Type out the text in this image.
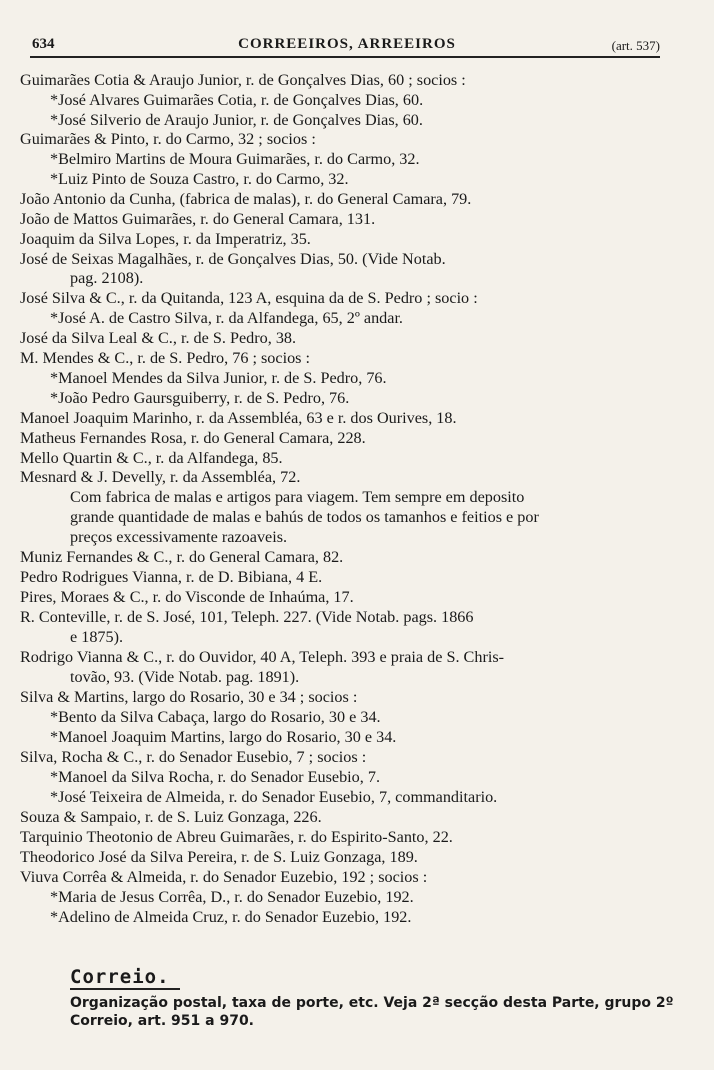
634	CORREEIROS, ARREEIROS	(art. 537)
Guimarães Cotia & Araujo Junior, r. de Gonçalves Dias, 60 ; socios :
*José Alvares Guimarães Cotia, r. de Gonçalves Dias, 60.
*José Silverio de Araujo Junior, r. de Gonçalves Dias, 60.
Guimarães & Pinto, r. do Carmo, 32 ; socios :
*Belmiro Martins de Moura Guimarães, r. do Carmo, 32.
*Luiz Pinto de Souza Castro, r. do Carmo, 32.
João Antonio da Cunha, (fabrica de malas), r. do General Camara, 79.
João de Mattos Guimarães, r. do General Camara, 131.
Joaquim da Silva Lopes, r. da Imperatriz, 35.
José de Seixas Magalhães, r. de Gonçalves Dias, 50. (Vide Notab.
pag. 2108).
José Silva & C., r. da Quitanda, 123 A, esquina da de S. Pedro ; socio :
*José A. de Castro Silva, r. da Alfandega, 65, 2º andar.
José da Silva Leal & C., r. de S. Pedro, 38.
M. Mendes & C., r. de S. Pedro, 76 ; socios :
*Manoel Mendes da Silva Junior, r. de S. Pedro, 76.
*João Pedro Gaursguiberry, r. de S. Pedro, 76.
Manoel Joaquim Marinho, r. da Assembléa, 63 e r. dos Ourives, 18.
Matheus Fernandes Rosa, r. do General Camara, 228.
Mello Quartin & C., r. da Alfandega, 85.
Mesnard & J. Develly, r. da Assembléa, 72.
Com fabrica de malas e artigos para viagem. Tem sempre em deposito
grande quantidade de malas e bahús de todos os tamanhos e feitios e por
preços excessivamente razoaveis.
Muniz Fernandes & C., r. do General Camara, 82.
Pedro Rodrigues Vianna, r. de D. Bibiana, 4 E.
Pires, Moraes & C., r. do Visconde de Inhaúma, 17.
R. Conteville, r. de S. José, 101, Teleph. 227. (Vide Notab. pags. 1866
e 1875).
Rodrigo Vianna & C., r. do Ouvidor, 40 A, Teleph. 393 e praia de S. Chris-
tovão, 93. (Vide Notab. pag. 1891).
Silva & Martins, largo do Rosario, 30 e 34 ; socios :
*Bento da Silva Cabaça, largo do Rosario, 30 e 34.
*Manoel Joaquim Martins, largo do Rosario, 30 e 34.
Silva, Rocha & C., r. do Senador Eusebio, 7 ; socios :
*Manoel da Silva Rocha, r. do Senador Eusebio, 7.
*José Teixeira de Almeida, r. do Senador Eusebio, 7, commanditario.
Souza & Sampaio, r. de S. Luiz Gonzaga, 226.
Tarquinio Theotonio de Abreu Guimarães, r. do Espirito-Santo, 22.
Theodorico José da Silva Pereira, r. de S. Luiz Gonzaga, 189.
Viuva Corrêa & Almeida, r. do Senador Euzebio, 192 ; socios :
*Maria de Jesus Corrêa, D., r. do Senador Euzebio, 192.
*Adelino de Almeida Cruz, r. do Senador Euzebio, 192.
Correio.
Organização postal, taxa de porte, etc. Veja 2ª secção desta Parte, grupo 2º
Correio, art. 951 a 970.
